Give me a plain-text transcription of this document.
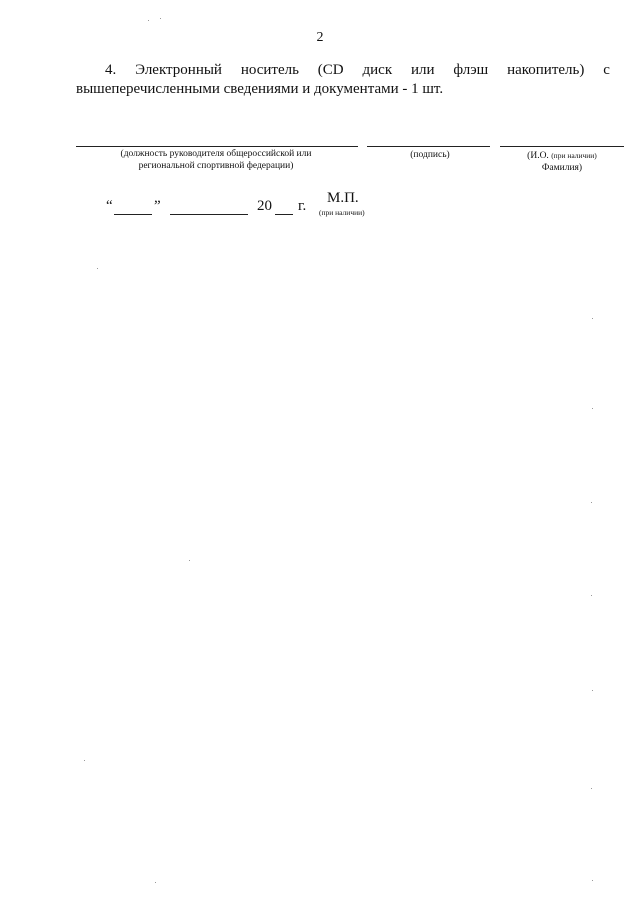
2
4. Электронный носитель (CD диск или флэш накопитель) с
вышеперечисленными сведениями и документами - 1 шт.
(должность руководителя общероссийской или
региональной спортивной федерации)
(подпись)	(И.О. (при наличии)
Фамилия)
“	”	20 г. М.П.
(при наличии)
